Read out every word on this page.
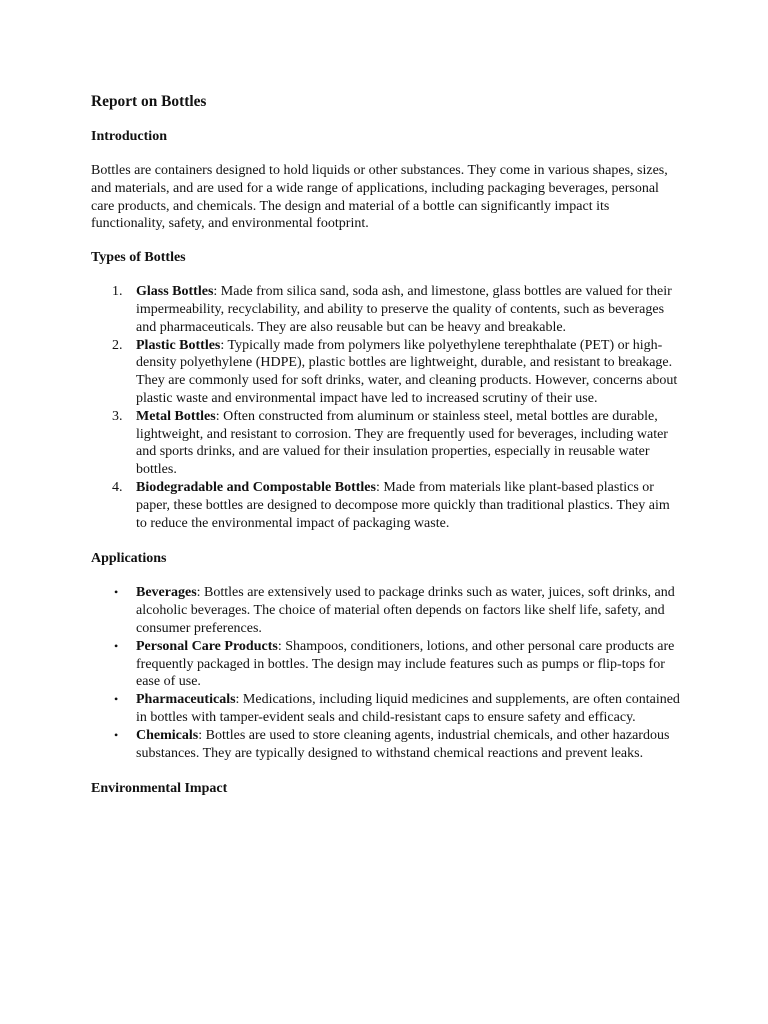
Report on Bottles
Introduction

Bottles are containers designed to hold liquids or other substances. They come in various shapes, sizes, and materials, and are used for a wide range of applications, including packaging beverages, personal care products, and chemicals. The design and material of a bottle can significantly impact its functionality, safety, and environmental footprint.

Types of Bottles
1. Glass Bottles: Made from silica sand, soda ash, and limestone, glass bottles are valued for their impermeability, recyclability, and ability to preserve the quality of contents, such as beverages and pharmaceuticals. They are also reusable but can be heavy and breakable.
2. Plastic Bottles: Typically made from polymers like polyethylene terephthalate (PET) or high-density polyethylene (HDPE), plastic bottles are lightweight, durable, and resistant to breakage. They are commonly used for soft drinks, water, and cleaning products. However, concerns about plastic waste and environmental impact have led to increased scrutiny of their use.
3. Metal Bottles: Often constructed from aluminum or stainless steel, metal bottles are durable, lightweight, and resistant to corrosion. They are frequently used for beverages, including water and sports drinks, and are valued for their insulation properties, especially in reusable water bottles.
4. Biodegradable and Compostable Bottles: Made from materials like plant-based plastics or paper, these bottles are designed to decompose more quickly than traditional plastics. They aim to reduce the environmental impact of packaging waste.
Applications
• Beverages: Bottles are extensively used to package drinks such as water, juices, soft drinks, and alcoholic beverages. The choice of material often depends on factors like shelf life, safety, and consumer preferences.
• Personal Care Products: Shampoos, conditioners, lotions, and other personal care products are frequently packaged in bottles. The design may include features such as pumps or flip-tops for ease of use.
• Pharmaceuticals: Medications, including liquid medicines and supplements, are often contained in bottles with tamper-evident seals and child-resistant caps to ensure safety and efficacy.
• Chemicals: Bottles are used to store cleaning agents, industrial chemicals, and other hazardous substances. They are typically designed to withstand chemical reactions and prevent leaks.
Environmental Impact
